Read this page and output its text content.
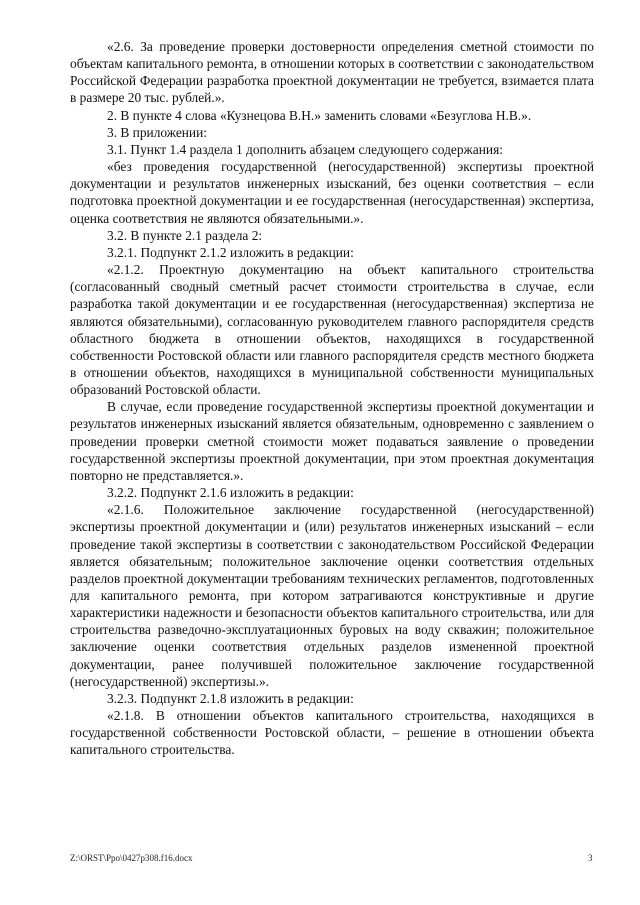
«2.6. За проведение проверки достоверности определения сметной стоимости по объектам капитального ремонта, в отношении которых в соответствии с законодательством Российской Федерации разработка проектной документации не требуется, взимается плата в размере 20 тыс. рублей.».

2. В пункте 4 слова «Кузнецова В.Н.» заменить словами «Безуглова Н.В.».

3. В приложении:

3.1. Пункт 1.4 раздела 1 дополнить абзацем следующего содержания:

«без проведения государственной (негосударственной) экспертизы проектной документации и результатов инженерных изысканий, без оценки соответствия – если подготовка проектной документации и ее государственная (негосударственная) экспертиза, оценка соответствия не являются обязательными.».

3.2. В пункте 2.1 раздела 2:

3.2.1. Подпункт 2.1.2 изложить в редакции:

«2.1.2. Проектную документацию на объект капитального строительства (согласованный сводный сметный расчет стоимости строительства в случае, если разработка такой документации и ее государственная (негосударственная) экспертиза не являются обязательными), согласованную руководителем главного распорядителя средств областного бюджета в отношении объектов, находящихся в государственной собственности Ростовской области или главного распорядителя средств местного бюджета в отношении объектов, находящихся в муниципальной собственности муниципальных образований Ростовской области.

В случае, если проведение государственной экспертизы проектной документации и результатов инженерных изысканий является обязательным, одновременно с заявлением о проведении проверки сметной стоимости может подаваться заявление о проведении государственной экспертизы проектной документации, при этом проектная документация повторно не представляется.».

3.2.2. Подпункт 2.1.6 изложить в редакции:

«2.1.6. Положительное заключение государственной (негосударственной) экспертизы проектной документации и (или) результатов инженерных изысканий – если проведение такой экспертизы в соответствии с законодательством Российской Федерации является обязательным; положительное заключение оценки соответствия отдельных разделов проектной документации требованиям технических регламентов, подготовленных для капитального ремонта, при котором затрагиваются конструктивные и другие характеристики надежности и безопасности объектов капитального строительства, или для строительства разведочно-эксплуатационных буровых на воду скважин; положительное заключение оценки соответствия отдельных разделов измененной проектной документации, ранее получившей положительное заключение государственной (негосударственной) экспертизы.».

3.2.3. Подпункт 2.1.8 изложить в редакции:

«2.1.8. В отношении объектов капитального строительства, находящихся в государственной собственности Ростовской области, – решение в отношении объекта капитального строительства.

Z:\ORST\Ppo\0427p308.f16.docx	3
